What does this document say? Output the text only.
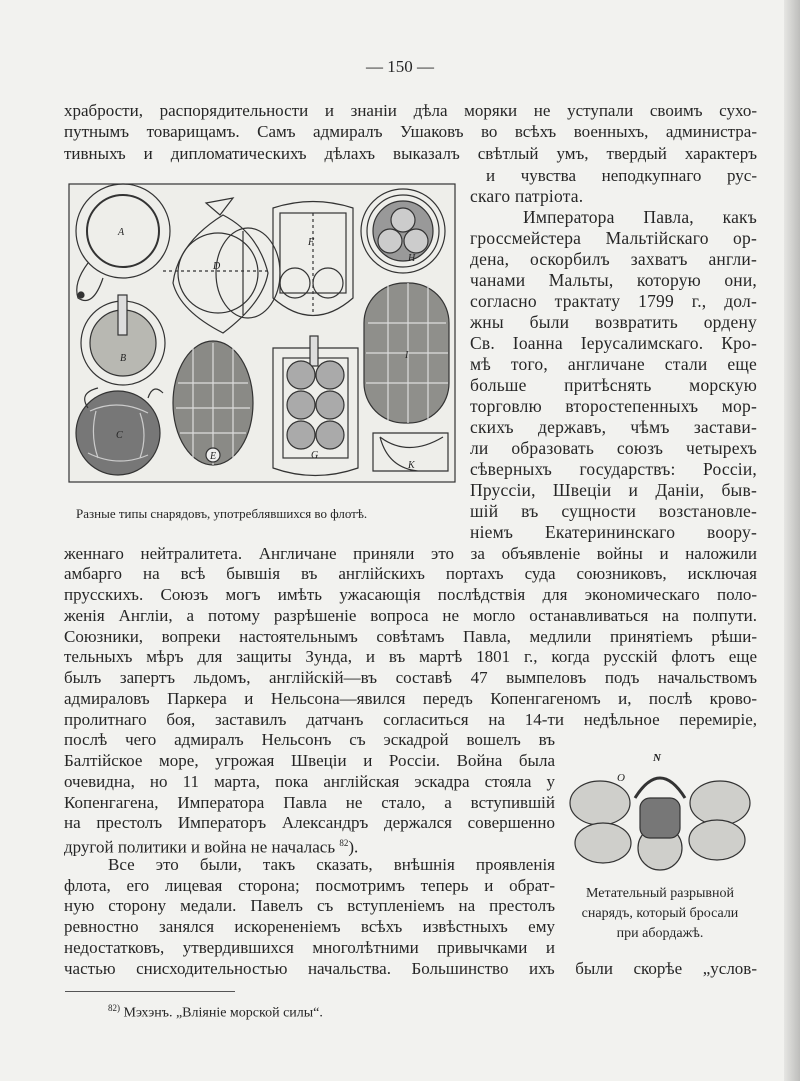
— 150 —
храбрости, распорядительности и знаніи дѣла моряки не уступали своимъ сухо-
путнымъ товарищамъ. Самъ адмиралъ Ушаковъ во всѣхъ военныхъ, администра-
тивныхъ и дипломатическихъ дѣлахъ выказалъ свѣтлый умъ, твердый характеръ
и чувства неподкупнаго рус-
скаго патріота.
Императора Павла, какъ
гроссмейстера Мальтійскаго ор-
дена, оскорбилъ захватъ англи-
чанами Мальты, которую они,
согласно трактату 1799 г., дол-
жны были возвратить ордену
Св. Іоанна Іерусалимскаго. Кро-
мѣ того, англичане стали еще
больше притѣснять морскую
торговлю второстепенныхъ мор-
скихъ державъ, чѣмъ застави-
ли образовать союзъ четырехъ
сѣверныхъ государствъ: Россіи,
Пруссіи, Швеціи и Даніи, быв-
шій въ сущности возстановле-
ніемъ Екатерининскаго воору-
женнаго нейтралитета. Англичане приняли это за объявленіе войны и наложили
амбарго на всѣ бывшія въ англійскихъ портахъ суда союзниковъ, исключая
прусскихъ. Союзъ могъ имѣть ужасающія послѣдствія для экономическаго поло-
женія Англіи, а потому разрѣшеніе вопроса не могло останавливаться на полпути.
Союзники, вопреки настоятельнымъ совѣтамъ Павла, медлили принятіемъ рѣши-
тельныхъ мѣръ для защиты Зунда, и въ мартѣ 1801 г., когда русскій флотъ еще
былъ запертъ льдомъ, англійскій—въ составѣ 47 вымпеловъ подъ начальствомъ
адмираловъ Паркера и Нельсона—явился передъ Копенгагеномъ и, послѣ крово-
пролитнаго боя, заставилъ датчанъ согласиться на 14-ти недѣльное перемиріе,
послѣ чего адмиралъ Нельсонъ съ эскадрой вошелъ въ
Балтійское море, угрожая Швеціи и Россіи. Война была
очевидна, но 11 марта, пока англійская эскадра стояла у
Копенгагена, Императора Павла не стало, а вступившій
на престолъ Императоръ Александръ держался совершенно
другой политики и война не началась $^{82}$).
Все это были, такъ сказать, внѣшнія проявленія
флота, его лицевая сторона; посмотримъ теперь и обрат-
ную сторону медали. Павелъ съ вступленіемъ на престолъ
ревностно занялся искорененіемъ всѣхъ извѣстныхъ ему
недостатковъ, утвердившихся многолѣтними привычками и
частью снисходительностью начальства. Большинство ихъ были скорѣе „услов-
A
D
F
H
B
C
E	G
I
K
Разные типы снарядовъ, употреблявшихся во флотѣ.
N
O
Метательный разрывной
снарядъ, который бросали
при абордажѣ.
$^{82)}$ Мэхэнъ. „Вліяніе морской силы“.
